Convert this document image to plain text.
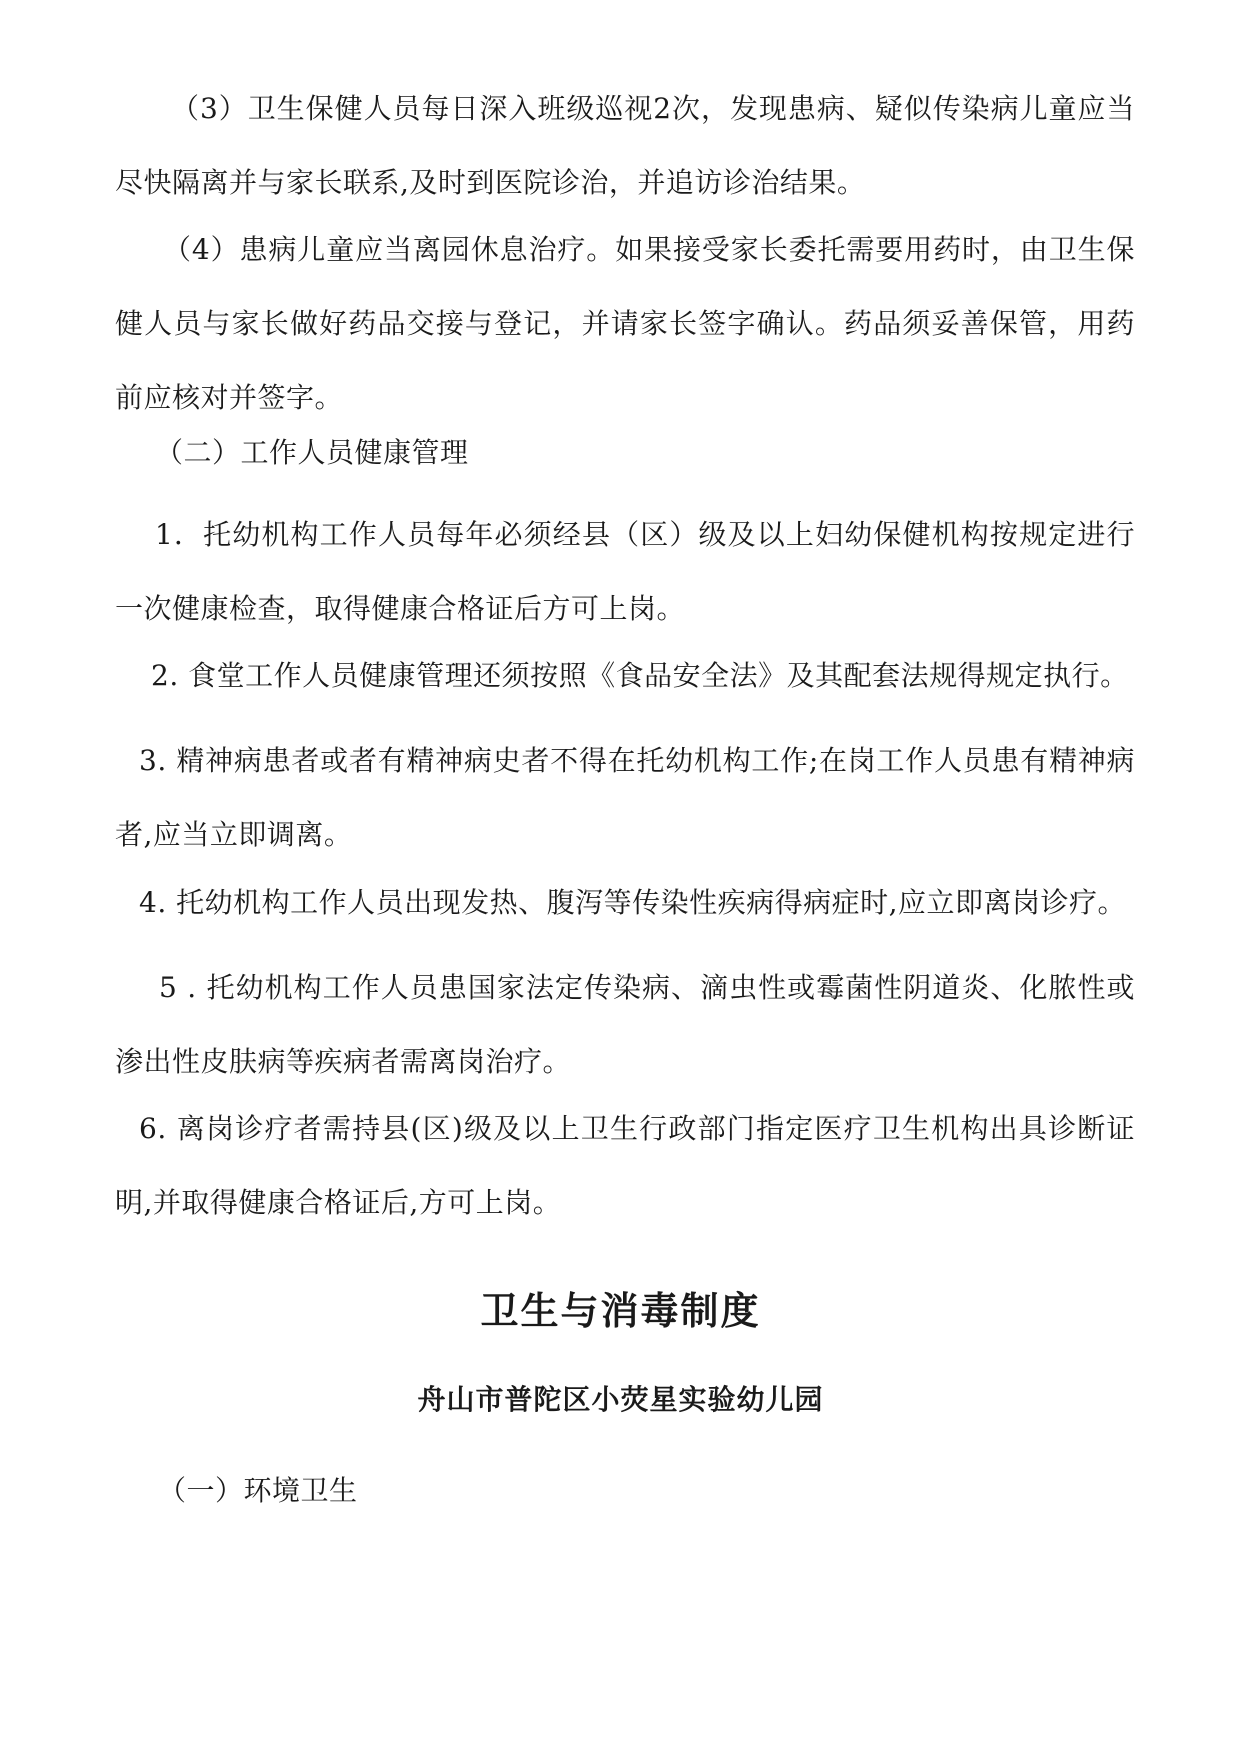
（3）卫生保健人员每日深入班级巡视2次，发现患病、疑似传染病儿童应当尽快隔离并与家长联系,及时到医院诊治，并追访诊治结果。

（4）患病儿童应当离园休息治疗。如果接受家长委托需要用药时，由卫生保健人员与家长做好药品交接与登记，并请家长签字确认。药品须妥善保管，用药前应核对并签字。

（二）工作人员健康管理

1．托幼机构工作人员每年必须经县（区）级及以上妇幼保健机构按规定进行一次健康检查，取得健康合格证后方可上岗。

2. 食堂工作人员健康管理还须按照《食品安全法》及其配套法规得规定执行。

3. 精神病患者或者有精神病史者不得在托幼机构工作;在岗工作人员患有精神病者,应当立即调离。

4. 托幼机构工作人员出现发热、腹泻等传染性疾病得病症时,应立即离岗诊疗。

5 . 托幼机构工作人员患国家法定传染病、滴虫性或霉菌性阴道炎、化脓性或渗出性皮肤病等疾病者需离岗治疗。

6. 离岗诊疗者需持县(区)级及以上卫生行政部门指定医疗卫生机构出具诊断证明,并取得健康合格证后,方可上岗。

卫生与消毒制度
舟山市普陀区小荧星实验幼儿园

（一）环境卫生
